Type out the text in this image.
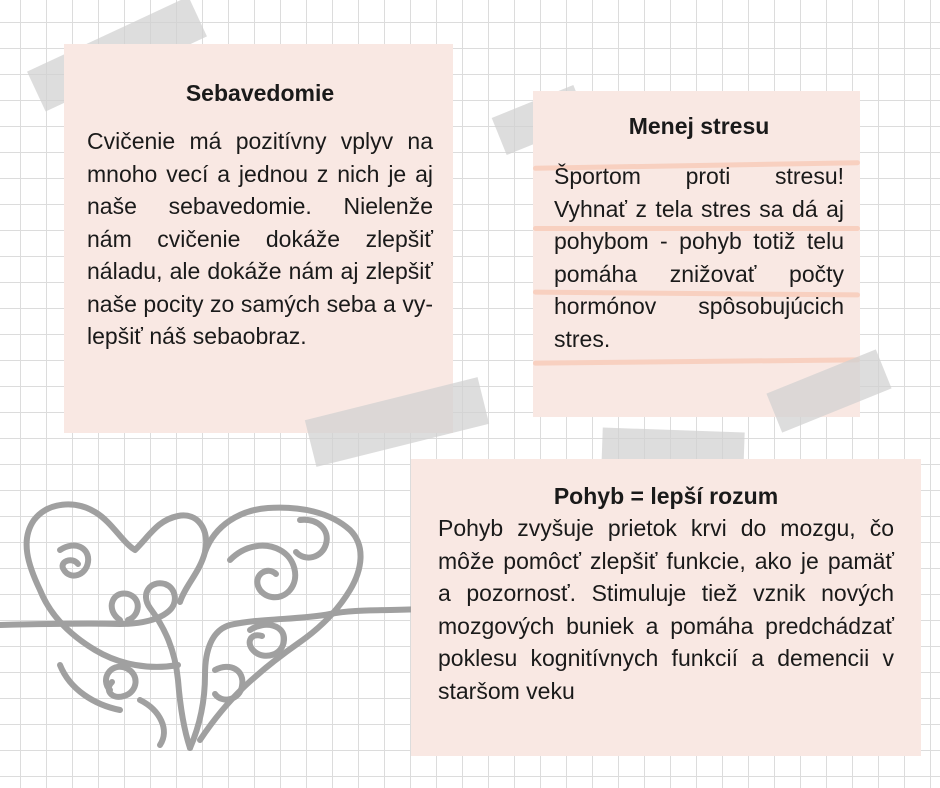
Sebavedomie

Cvičenie má pozitívny vplyv na mnoho vecí a jednou z nich je aj naše sebavedomie. Nielenže nám cvičenie dokáže zlepšiť náladu, ale dokáže nám aj zlepšiť naše pocity zo samých seba a vylepšiť náš sebaobraz.

Menej stresu

Športom proti stresu! Vyhnať z tela stres sa dá aj pohybom - pohyb totiž telu pomáha znižovať počty hormónov spôsobujúcich stres.

Pohyb = lepší rozum

Pohyb zvyšuje prietok krvi do mozgu, čo môže pomôcť zlepšiť funkcie, ako je pamäť a pozornosť. Stimuluje tiež vznik nových mozgových buniek a pomáha predchádzať poklesu kognitívnych funkcií a demencii v staršom veku
